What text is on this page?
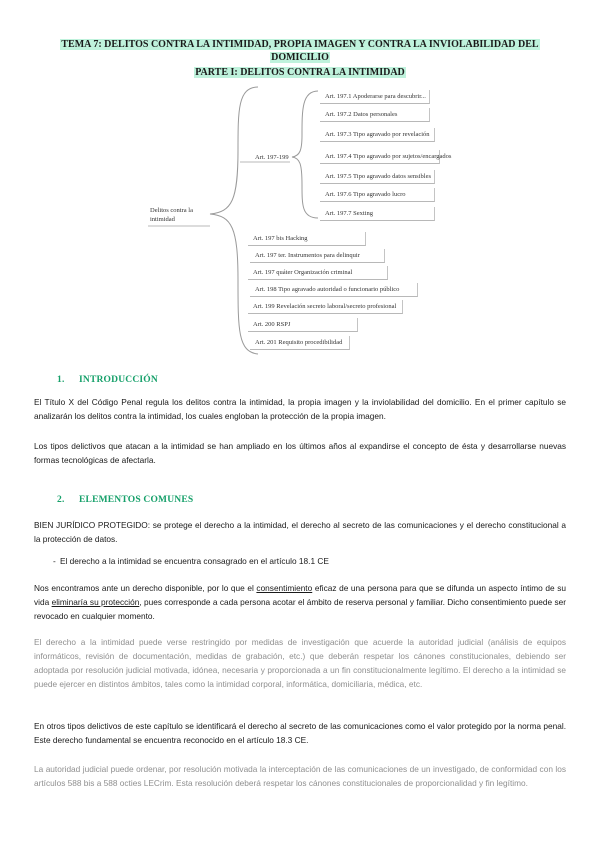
TEMA 7: DELITOS CONTRA LA INTIMIDAD, PROPIA IMAGEN Y CONTRA LA INVIOLABILIDAD DEL
DOMICILIO
PARTE I: DELITOS CONTRA LA INTIMIDAD
Delitos contra la intimidad
Art. 197-199
Art. 197.1 Apoderarse para descubrir...
Art. 197.2 Datos personales
Art. 197.3 Tipo agravado por revelación
Art. 197.4 Tipo agravado por sujetos/encargados
Art. 197.5 Tipo agravado datos sensibles
Art. 197.6 Tipo agravado lucro
Art. 197.7 Sexting
Art. 197 bis Hacking
Art. 197 ter. Instrumentos para delinquir
Art. 197 quáter Organización criminal
Art. 198 Tipo agravado autoridad o funcionario público
Art. 199 Revelación secreto laboral/secreto profesional
Art. 200 RSPJ
Art. 201 Requisito procedibilidad
1. INTRODUCCIÓN
El Título X del Código Penal regula los delitos contra la intimidad, la propia imagen y la inviolabilidad del domicilio. En el primer capítulo se analizarán los delitos contra la intimidad, los cuales engloban la protección de la propia imagen.
Los tipos delictivos que atacan a la intimidad se han ampliado en los últimos años al expandirse el concepto de ésta y desarrollarse nuevas formas tecnológicas de afectarla.
2. ELEMENTOS COMUNES
BIEN JURÍDICO PROTEGIDO: se protege el derecho a la intimidad, el derecho al secreto de las comunicaciones y el derecho constitucional a la protección de datos.
- El derecho a la intimidad se encuentra consagrado en el artículo 18.1 CE
Nos encontramos ante un derecho disponible, por lo que el consentimiento eficaz de una persona para que se difunda un aspecto íntimo de su vida eliminaría su protección, pues corresponde a cada persona acotar el ámbito de reserva personal y familiar. Dicho consentimiento puede ser revocado en cualquier momento.
El derecho a la intimidad puede verse restringido por medidas de investigación que acuerde la autoridad judicial (análisis de equipos informáticos, revisión de documentación, medidas de grabación, etc.) que deberán respetar los cánones constitucionales, debiendo ser adoptada por resolución judicial motivada, idónea, necesaria y proporcionada a un fin constitucionalmente legítimo. El derecho a la intimidad se puede ejercer en distintos ámbitos, tales como la intimidad corporal, informática, domiciliaria, médica, etc.
En otros tipos delictivos de este capítulo se identificará el derecho al secreto de las comunicaciones como el valor protegido por la norma penal. Este derecho fundamental se encuentra reconocido en el artículo 18.3 CE.
La autoridad judicial puede ordenar, por resolución motivada la interceptación de las comunicaciones de un investigado, de conformidad con los artículos 588 bis a 588 octies LECrim. Esta resolución deberá respetar los cánones constitucionales de proporcionalidad y fin legítimo.
